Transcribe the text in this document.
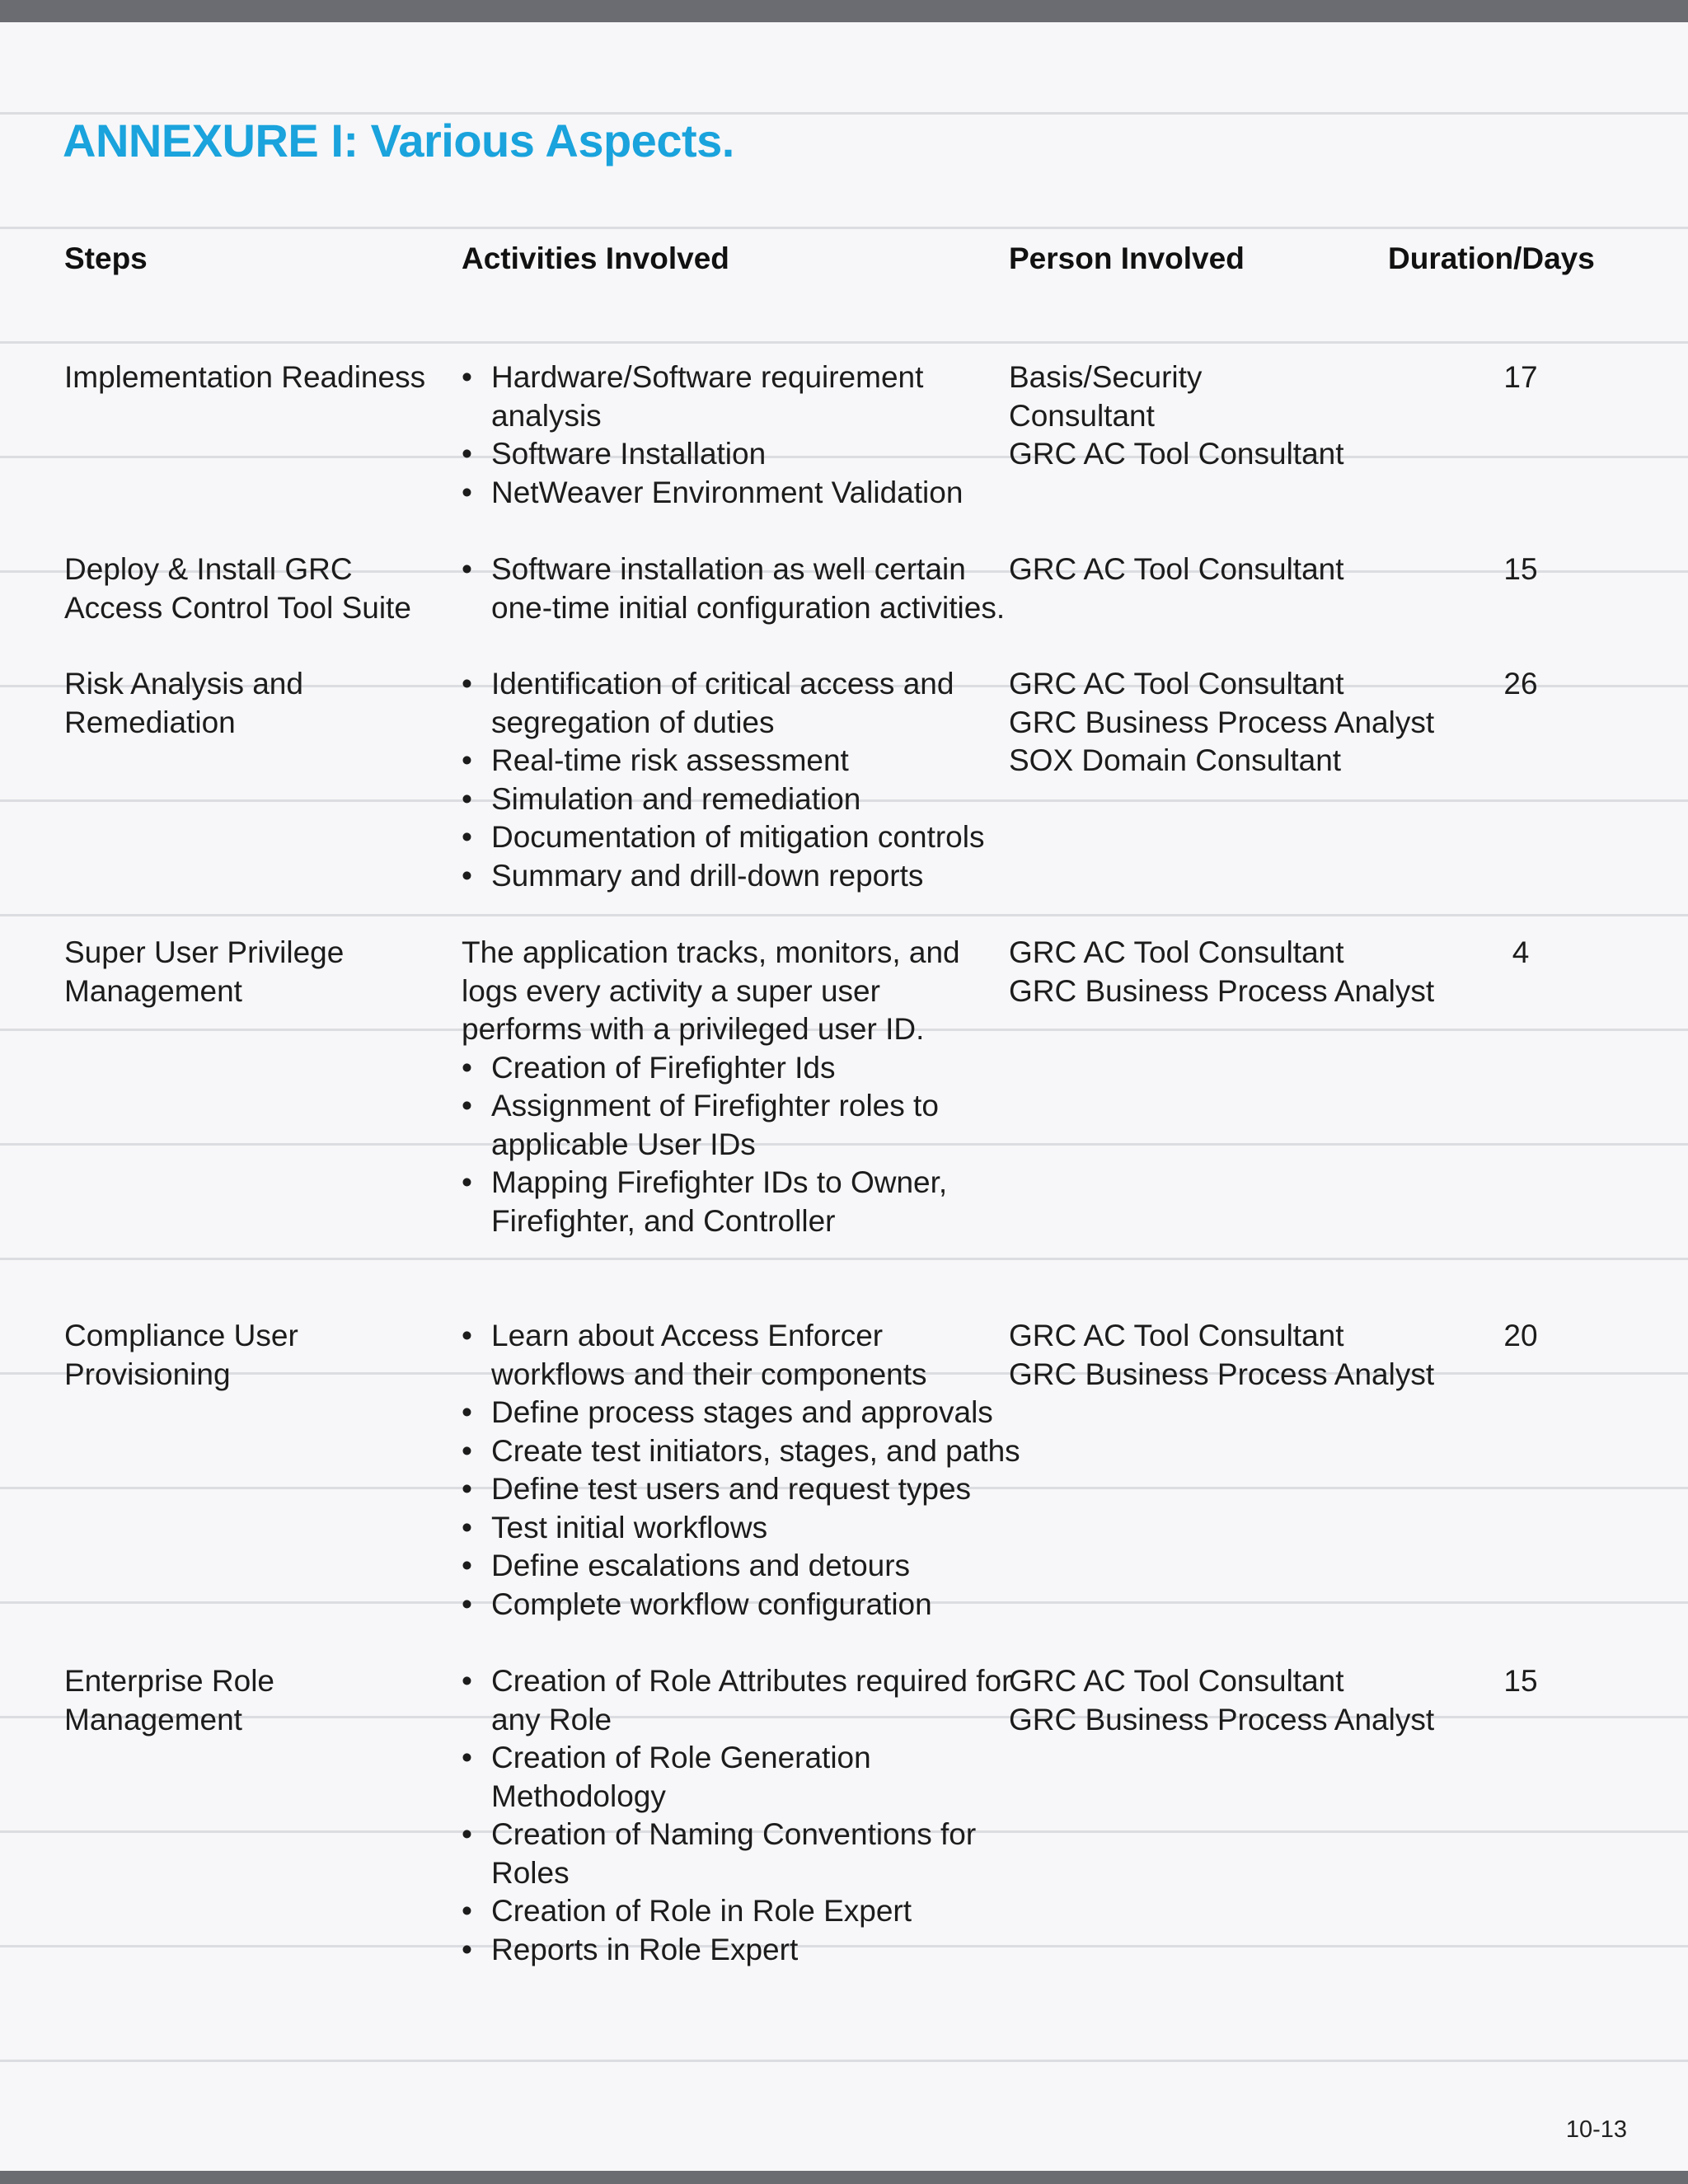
ANNEXURE I: Various Aspects.
Steps	Activities Involved	Person Involved	Duration/Days
Implementation Readiness
•	Hardware/Software requirement analysis
• Software Installation
• NetWeaver Environment Validation
Basis/Security Consultant
GRC AC Tool Consultant
17
Deploy & Install GRC Access Control Tool Suite
• Software installation as well certain one-time initial configuration activities.
GRC AC Tool Consultant	15
Risk Analysis and Remediation
• Identification of critical access and segregation of duties
• Real-time risk assessment
• Simulation and remediation
• Documentation of mitigation controls
• Summary and drill-down reports
GRC AC Tool Consultant
GRC Business Process Analyst
SOX Domain Consultant
26
Super User Privilege Management
The application tracks, monitors, and logs every activity a super user performs with a privileged user ID.
• Creation of Firefighter Ids
• Assignment of Firefighter roles to applicable User IDs
• Mapping Firefighter IDs to Owner, Firefighter, and Controller
GRC AC Tool Consultant
GRC Business Process Analyst
4
Compliance User Provisioning
• Learn about Access Enforcer workflows and their components
• Define process stages and approvals
• Create test initiators, stages, and paths
• Define test users and request types
• Test initial workflows
• Define escalations and detours
• Complete workflow configuration
GRC AC Tool Consultant
GRC Business Process Analyst
20
Enterprise Role Management
• Creation of Role Attributes required for any Role
• Creation of Role Generation Methodology
• Creation of Naming Conventions for Roles
• Creation of Role in Role Expert
• Reports in Role Expert
GRC AC Tool Consultant
GRC Business Process Analyst
15
10-13
